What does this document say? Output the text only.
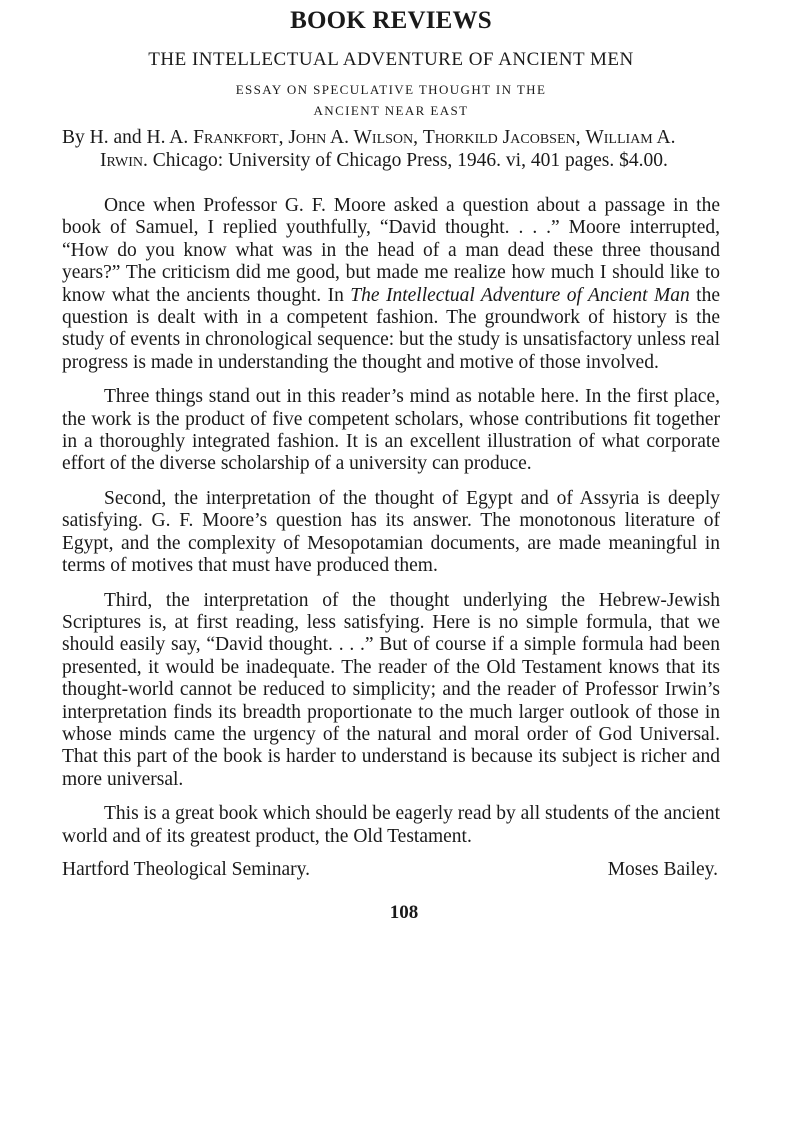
BOOK REVIEWS
THE INTELLECTUAL ADVENTURE OF ANCIENT MEN
ESSAY ON SPECULATIVE THOUGHT IN THE
ANCIENT NEAR EAST
By H. and H. A. Frankfort, John A. Wilson, Thorkild Jacobsen, William A. Irwin. Chicago: University of Chicago Press, 1946. vi, 401 pages. $4.00.

Once when Professor G. F. Moore asked a question about a passage in the book of Samuel, I replied youthfully, “David thought. . . .” Moore interrupted, “How do you know what was in the head of a man dead these three thousand years?” The criticism did me good, but made me realize how much I should like to know what the ancients thought. In The Intellectual Adventure of Ancient Man the question is dealt with in a competent fashion. The groundwork of history is the study of events in chronological sequence: but the study is unsatisfactory unless real progress is made in understanding the thought and motive of those involved.

Three things stand out in this reader’s mind as notable here. In the first place, the work is the product of five competent scholars, whose contributions fit together in a thoroughly integrated fashion. It is an excellent illustration of what corporate effort of the diverse scholarship of a university can produce.

Second, the interpretation of the thought of Egypt and of Assyria is deeply satisfying. G. F. Moore’s question has its answer. The monotonous literature of Egypt, and the complexity of Mesopotamian documents, are made meaningful in terms of motives that must have produced them.

Third, the interpretation of the thought underlying the Hebrew-Jewish Scriptures is, at first reading, less satisfying. Here is no simple formula, that we should easily say, “David thought. . . .” But of course if a simple formula had been presented, it would be inadequate. The reader of the Old Testament knows that its thought-world cannot be reduced to simplicity; and the reader of Professor Irwin’s interpretation finds its breadth proportionate to the much larger outlook of those in whose minds came the urgency of the natural and moral order of God Universal. That this part of the book is harder to understand is because its subject is richer and more universal.

This is a great book which should be eagerly read by all students of the ancient world and of its greatest product, the Old Testament.

Hartford Theological Seminary.	Moses Bailey.
108
